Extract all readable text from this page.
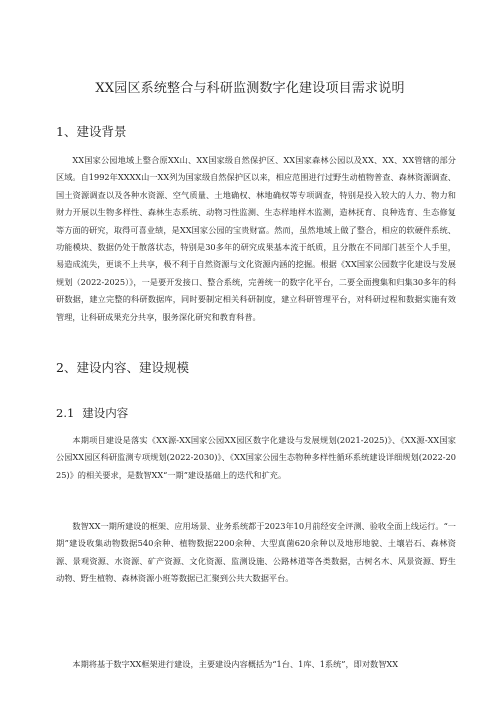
XX园区系统整合与科研监测数字化建设项目需求说明
1、建设背景

XX国家公园地域上整合原XX山、XX国家级自然保护区、XX国家森林公园以及XX、XX、XX管辖的部分区域。自1992年XXXX山一XX列为国家级自然保护区以来，相应范围进行过野生动植物普查、森林资源调查、国土资源调查以及各种水资源、空气质量、土地确权、林地确权等专项调查，特别是投入较大的人力、物力和财力开展以生物多样性、森林生态系统、动物习性监测、生态样地样木监测，造林抚育、良种选育、生态修复等方面的研究，取得可喜业绩，是XX国家公园的宝贵财富。然而，虽然地域上做了整合，相应的软硬件系统、功能模块、数据仍处于散落状态，特别是30多年的研究成果基本流于纸质，且分散在不同部门甚至个人手里，易造成流失，更谈不上共享，极不利于自然资源与文化资源内涵的挖掘。根据《XX国家公园数字化建设与发展规划（2022-2025）》，一是要开发接口、整合系统，完善统一的数字化平台，二要全面搜集和归集30多年的科研数据，建立完整的科研数据库，同时要制定相关科研制度，建立科研管理平台，对科研过程和数据实施有效管理，让科研成果充分共享，服务深化研究和教育科普。

2、建设内容、建设规模
2.1 建设内容

本期项目建设是落实《XX源-XX国家公园XX园区数字化建设与发展规划(2021-2025)》、《XX源-XX国家公园XX园区科研监测专项规划(2022-2030)》、《XX国家公园生态物种多样性循环系统建设详细规划(2022-2025)》的相关要求，是数智XX“一期”建设基础上的迭代和扩充。

数智XX一期所建设的框架、应用场景、业务系统都于2023年10月前经安全评测、验收全面上线运行。“一期”建设收集动物数据540余种、植物数据2200余种、大型真菌620余种以及地形地貌、土壤岩石、森林资源、景观资源、水资源、矿产资源、文化资源、监测设施、公路林道等各类数据，古树名木、风景资源、野生动物、野生植物、森林资源小班等数据已汇聚到公共大数据平台。

本期将基于数字XX框架进行建设，主要建设内容概括为“1台、1库、1系统”，即对数智XX
